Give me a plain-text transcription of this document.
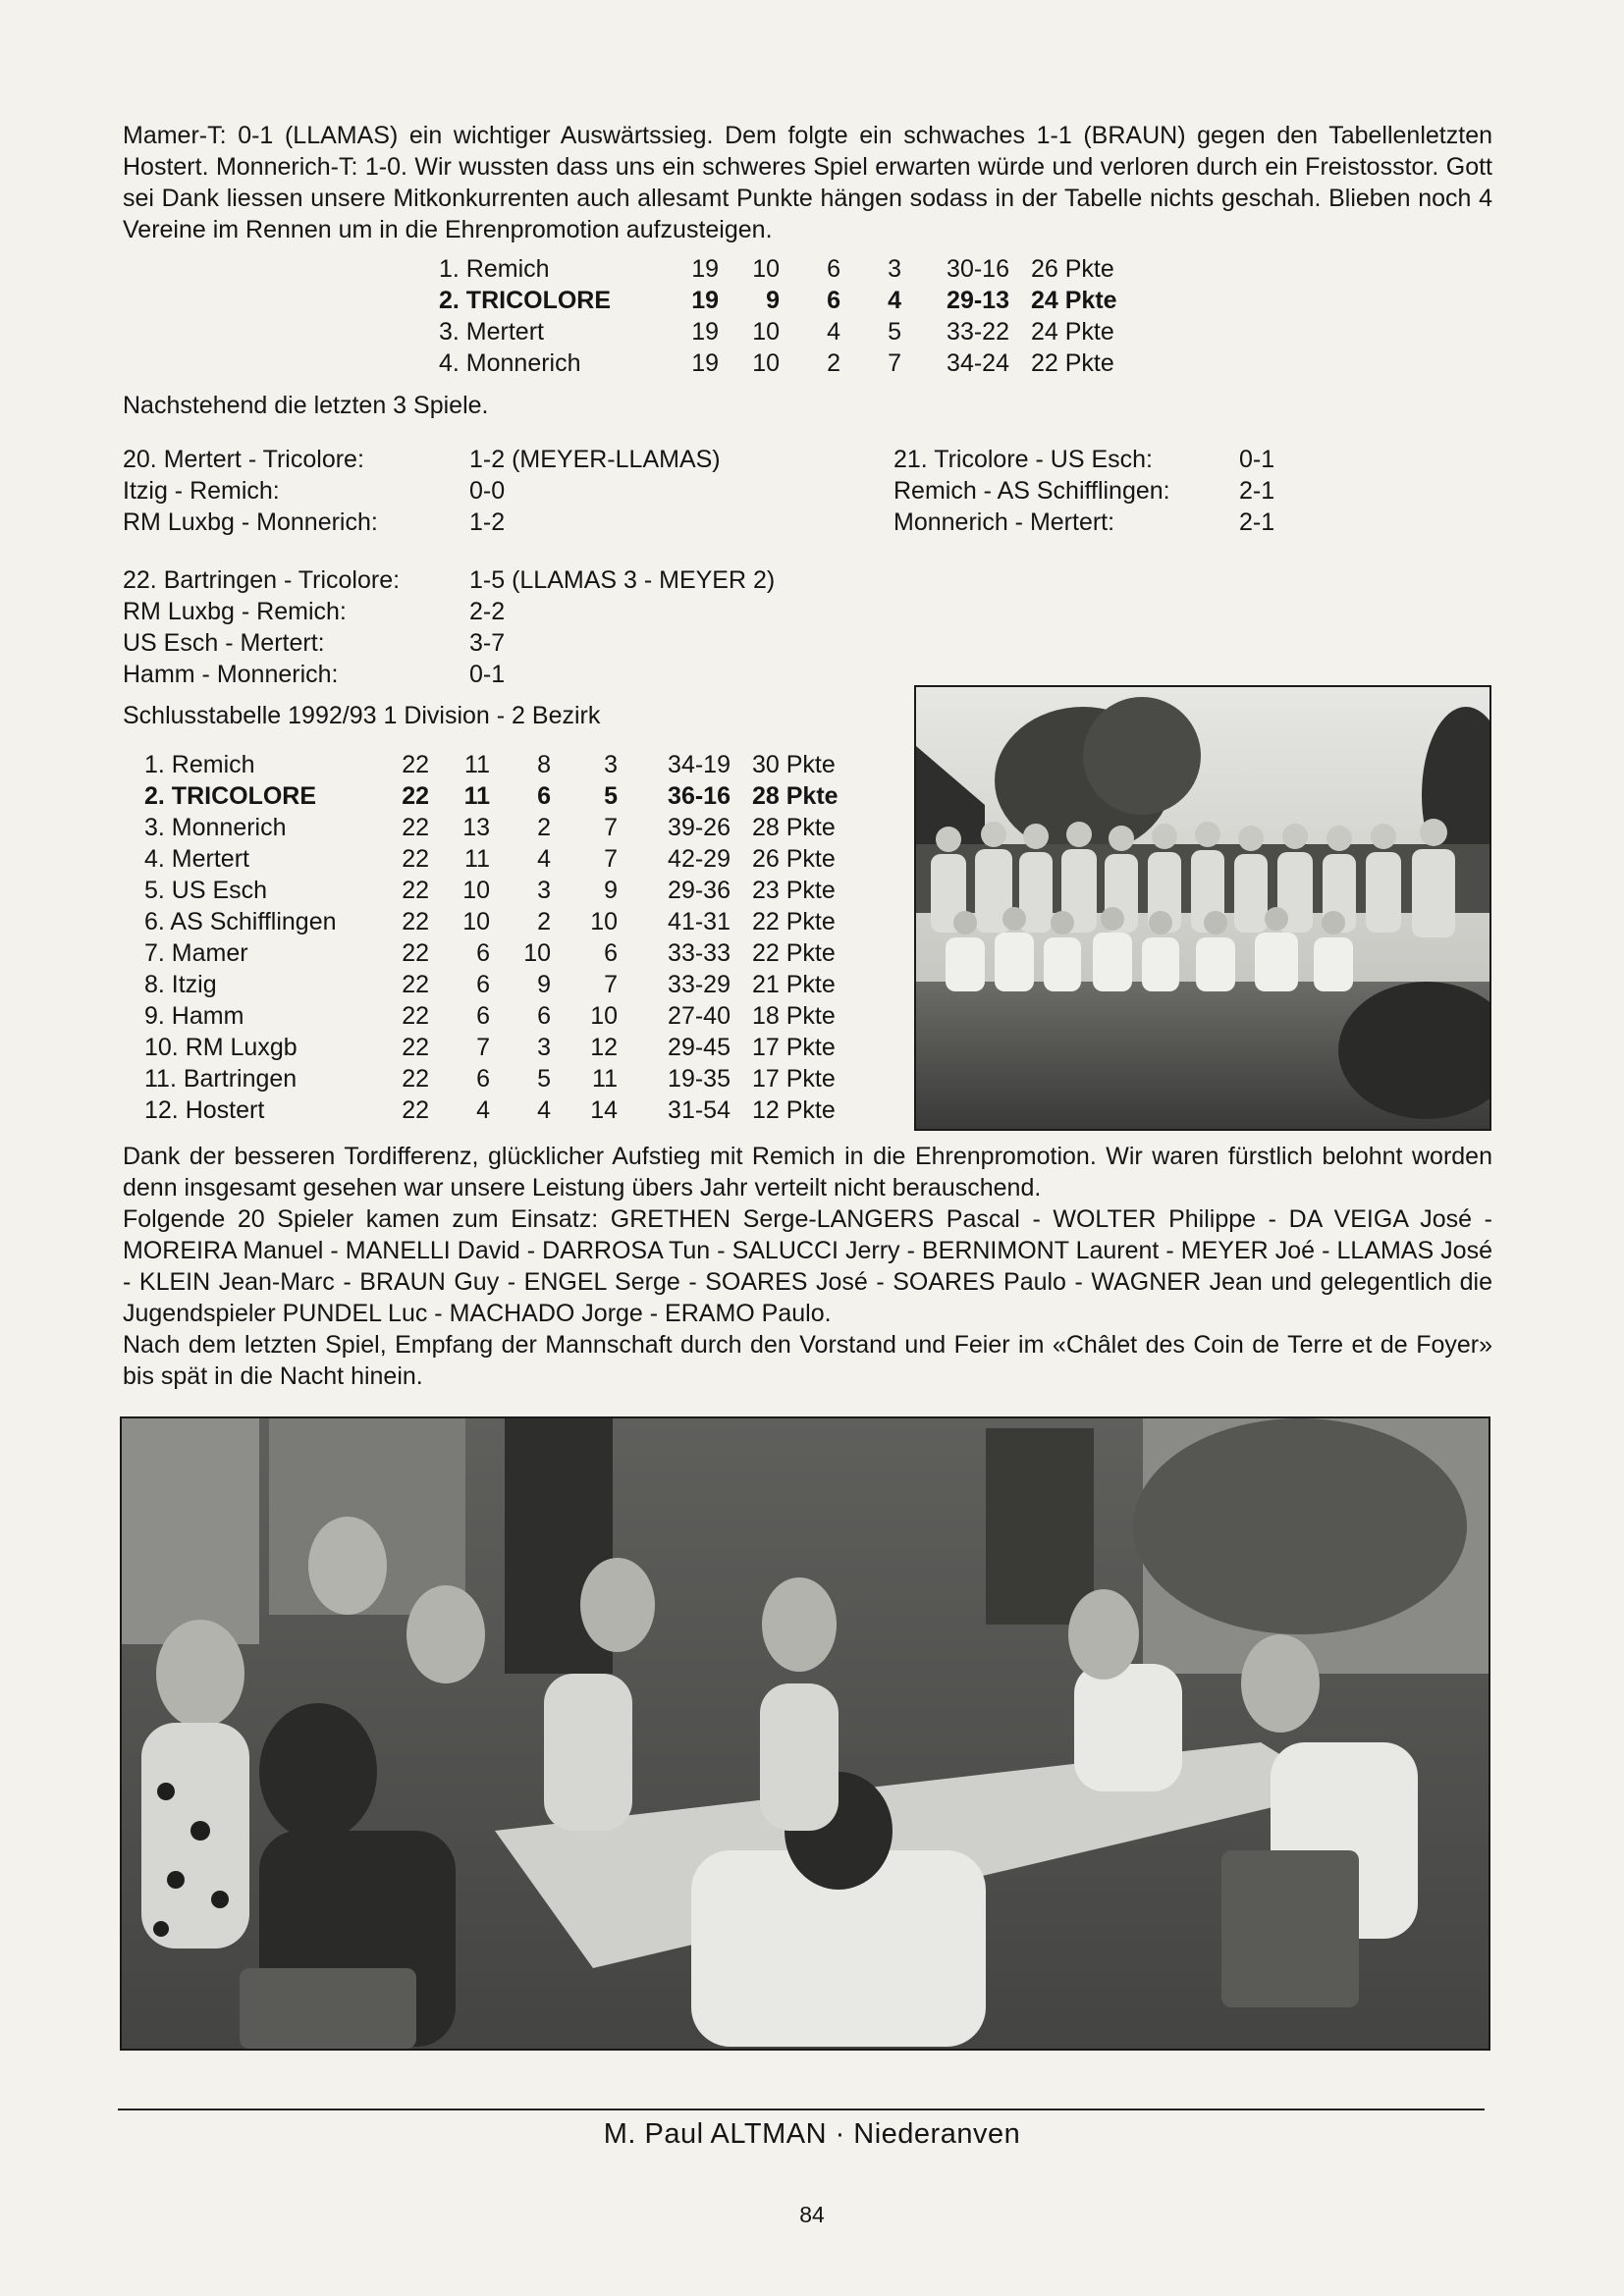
Mamer-T: 0-1 (LLAMAS) ein wichtiger Auswärtssieg. Dem folgte ein schwaches 1-1 (BRAUN) gegen den Tabellenletzten Hostert. Monnerich-T: 1-0. Wir wussten dass uns ein schweres Spiel erwarten würde und verloren durch ein Freistosstor. Gott sei Dank liessen unsere Mitkonkurrenten auch allesamt Punkte hängen sodass in der Tabelle nichts geschah. Blieben noch 4 Vereine im Rennen um in die Ehrenpromotion aufzusteigen.

1. Remich	19	10	6	3	30-16	26 Pkte
2. TRICOLORE	19	9	6	4	29-13	24 Pkte
3. Mertert	19	10	4	5	33-22	24 Pkte
4. Monnerich	19	10	2	7	34-24	22 Pkte
Nachstehend die letzten 3 Spiele.
20. Mertert - Tricolore:	1-2 (MEYER-LLAMAS)
Itzig - Remich:	0-0
RM Luxbg - Monnerich:	1-2
21. Tricolore - US Esch:	0-1
Remich - AS Schifflingen:	2-1
Monnerich - Mertert:	2-1
22. Bartringen - Tricolore:	1-5 (LLAMAS 3 - MEYER 2)
RM Luxbg - Remich:	2-2
US Esch - Mertert:	3-7
Hamm - Monnerich:	0-1
Schlusstabelle 1992/93 1 Division - 2 Bezirk
1. Remich	22	11	8	3	34-19	30 Pkte
2. TRICOLORE	22	11	6	5	36-16	28 Pkte
3. Monnerich	22	13	2	7	39-26	28 Pkte
4. Mertert	22	11	4	7	42-29	26 Pkte
5. US Esch	22	10	3	9	29-36	23 Pkte
6. AS Schifflingen	22	10	2	10	41-31	22 Pkte
7. Mamer	22	6	10	6	33-33	22 Pkte
8. Itzig	22	6	9	7	33-29	21 Pkte
9. Hamm	22	6	6	10	27-40	18 Pkte
10. RM Luxgb	22	7	3	12	29-45	17 Pkte
11. Bartringen	22	6	5	11	19-35	17 Pkte
12. Hostert	22	4	4	14	31-54	12 Pkte

Dank der besseren Tordifferenz, glücklicher Aufstieg mit Remich in die Ehrenpromotion. Wir waren fürstlich belohnt worden denn insgesamt gesehen war unsere Leistung übers Jahr verteilt nicht berauschend.

Folgende 20 Spieler kamen zum Einsatz: GRETHEN Serge-LANGERS Pascal - WOLTER Philippe - DA VEIGA José - MOREIRA Manuel - MANELLI David - DARROSA Tun - SALUCCI Jerry - BERNIMONT Laurent - MEYER Joé - LLAMAS José - KLEIN Jean-Marc - BRAUN Guy - ENGEL Serge - SOARES José - SOARES Paulo - WAGNER Jean und gelegentlich die Jugendspieler PUNDEL Luc - MACHADO Jorge - ERAMO Paulo.

Nach dem letzten Spiel, Empfang der Mannschaft durch den Vorstand und Feier im «Châlet des Coin de Terre et de Foyer» bis spät in die Nacht hinein.

M. Paul ALTMAN · Niederanven
84
